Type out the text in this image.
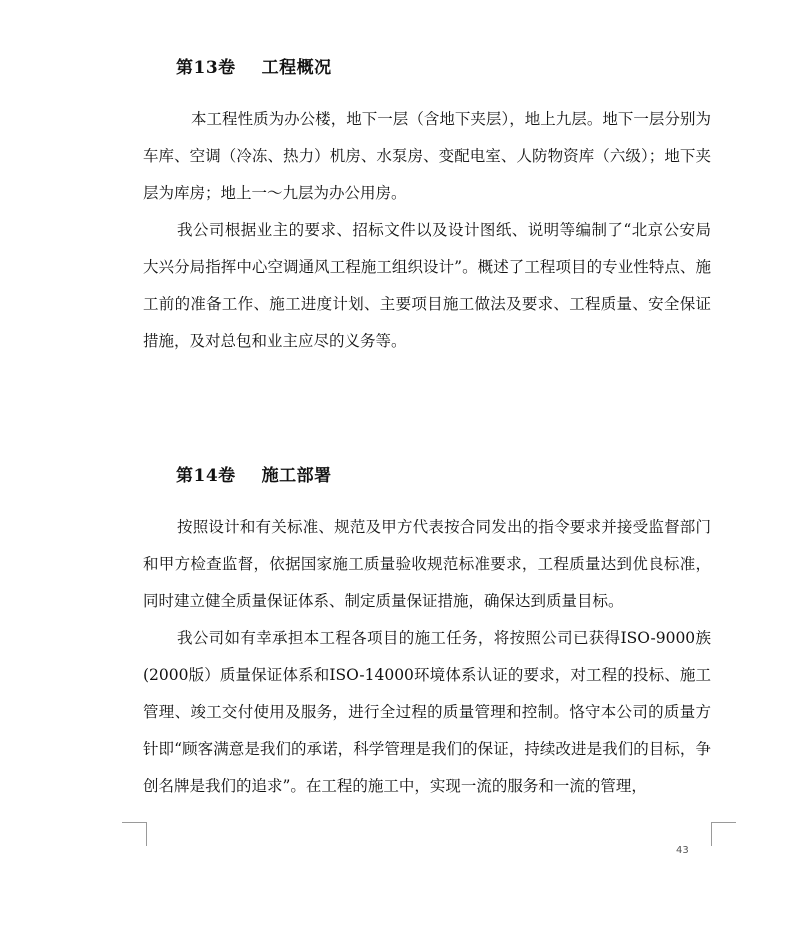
第13卷 工程概况

本工程性质为办公楼，地下一层（含地下夹层），地上九层。地下一层分别为车库、空调（冷冻、热力）机房、水泵房、变配电室、人防物资库（六级）；地下夹层为库房；地上一～九层为办公用房。

我公司根据业主的要求、招标文件以及设计图纸、说明等编制了“北京公安局大兴分局指挥中心空调通风工程施工组织设计”。概述了工程项目的专业性特点、施工前的准备工作、施工进度计划、主要项目施工做法及要求、工程质量、安全保证措施，及对总包和业主应尽的义务等。

第14卷 施工部署

按照设计和有关标准、规范及甲方代表按合同发出的指令要求并接受监督部门和甲方检查监督，依据国家施工质量验收规范标准要求，工程质量达到优良标准，同时建立健全质量保证体系、制定质量保证措施，确保达到质量目标。

我公司如有幸承担本工程各项目的施工任务，将按照公司已获得ISO-9000族(2000版）质量保证体系和ISO-14000环境体系认证的要求，对工程的投标、施工管理、竣工交付使用及服务，进行全过程的质量管理和控制。恪守本公司的质量方针即“顾客满意是我们的承诺，科学管理是我们的保证，持续改进是我们的目标，争创名牌是我们的追求”。在工程的施工中，实现一流的服务和一流的管理，

43
